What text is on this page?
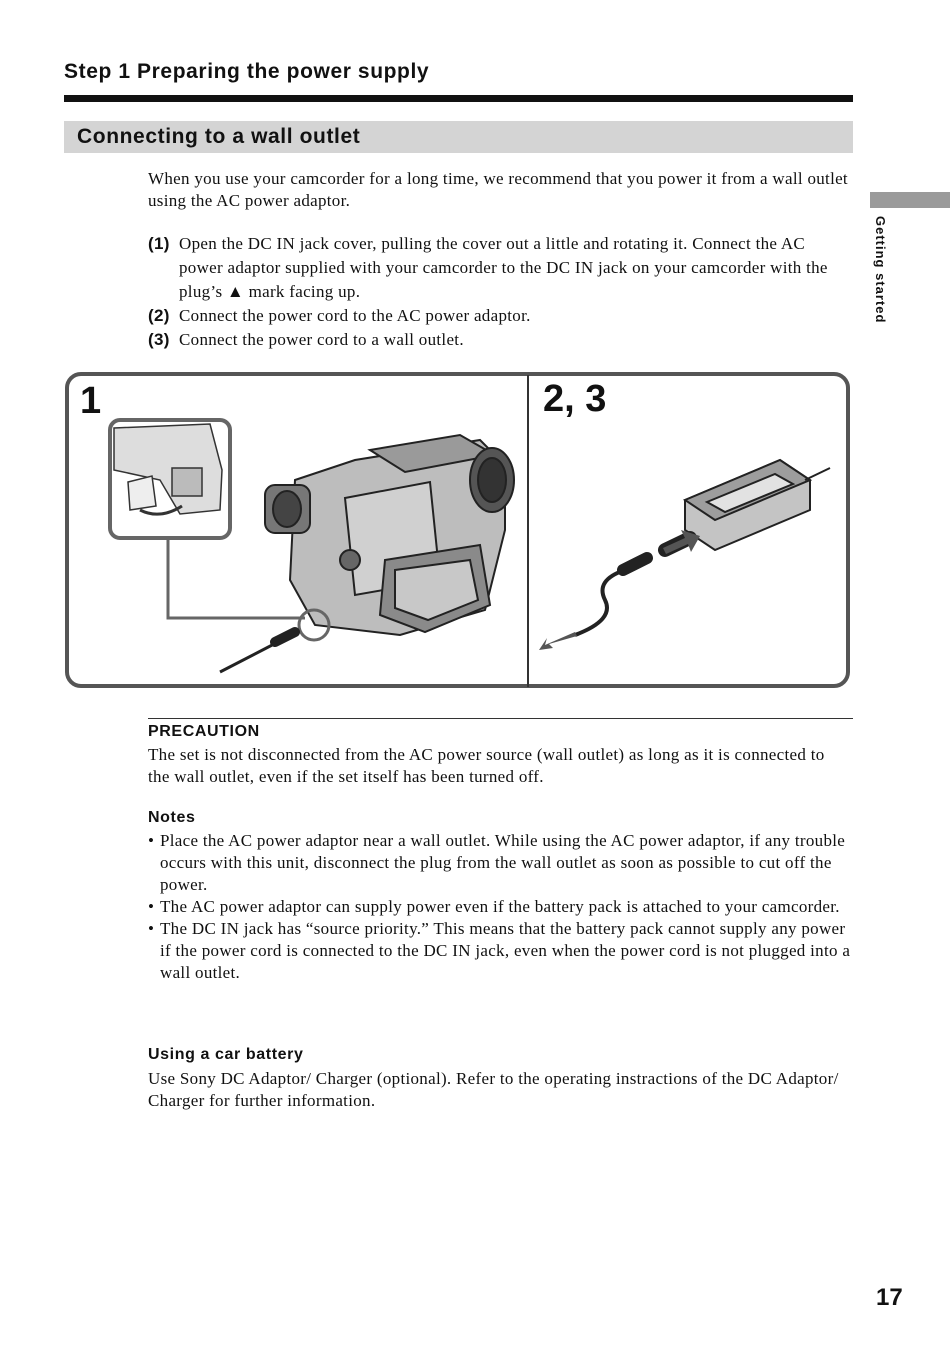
Step 1 Preparing the power supply
Connecting to a wall outlet
Getting started
When you use your camcorder for a long time, we recommend that you power it from a wall outlet using the AC power adaptor.
(1) Open the DC IN jack cover, pulling the cover out a little and rotating it. Connect the AC power adaptor supplied with your camcorder to the DC IN jack on your camcorder with the plug’s ▲ mark facing up.
(2) Connect the power cord to the AC power adaptor.
(3) Connect the power cord to a wall outlet.
1	2, 3
PRECAUTION
The set is not disconnected from the AC power source (wall outlet) as long as it is connected to the wall outlet, even if the set itself has been turned off.
Notes
• Place the AC power adaptor near a wall outlet. While using the AC power adaptor, if any trouble occurs with this unit, disconnect the plug from the wall outlet as soon as possible to cut off the power.
• The AC power adaptor can supply power even if the battery pack is attached to your camcorder.
• The DC IN jack has “source priority.” This means that the battery pack cannot supply any power if the power cord is connected to the DC IN jack, even when the power cord is not plugged into a wall outlet.
Using a car battery
Use Sony DC Adaptor/ Charger (optional). Refer to the operating instractions of the DC Adaptor/ Charger for further information.
17
